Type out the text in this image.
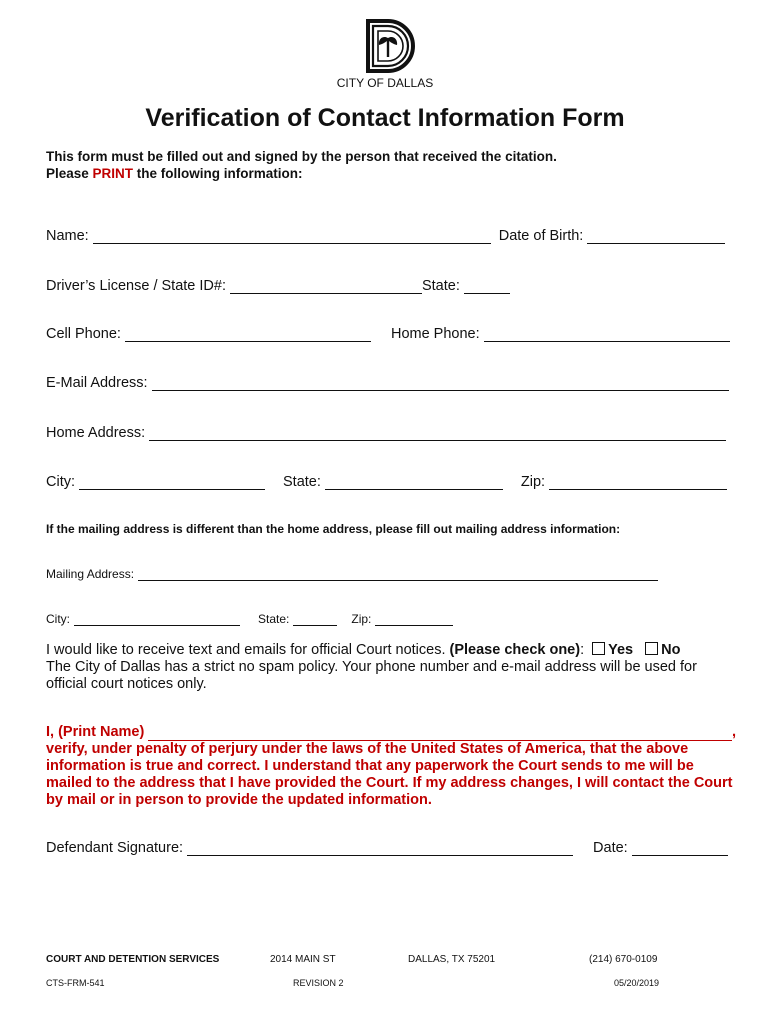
CITY OF DALLAS
Verification of Contact Information Form
This form must be filled out and signed by the person that received the citation.
Please PRINT the following information:
Name:	Date of Birth:
Driver’s License / State ID#:	State:
Cell Phone:	Home Phone:
E-Mail Address:
Home Address:
City:	State:	Zip:
If the mailing address is different than the home address, please fill out mailing address information:
Mailing Address:
City:	State:	Zip:
I would like to receive text and emails for official Court notices. (Please check one): Yes No
The City of Dallas has a strict no spam policy. Your phone number and e-mail address will be used for official court notices only.
I, (Print Name)	,
verify, under penalty of perjury under the laws of the United States of America, that the above information is true and correct. I understand that any paperwork the Court sends to me will be mailed to the address that I have provided the Court. If my address changes, I will contact the Court by mail or in person to provide the updated information.
Defendant Signature:	Date:
COURT AND DETENTION SERVICES	2014 MAIN ST	DALLAS, TX 75201	(214) 670-0109
CTS-FRM-541	REVISION 2	05/20/2019
